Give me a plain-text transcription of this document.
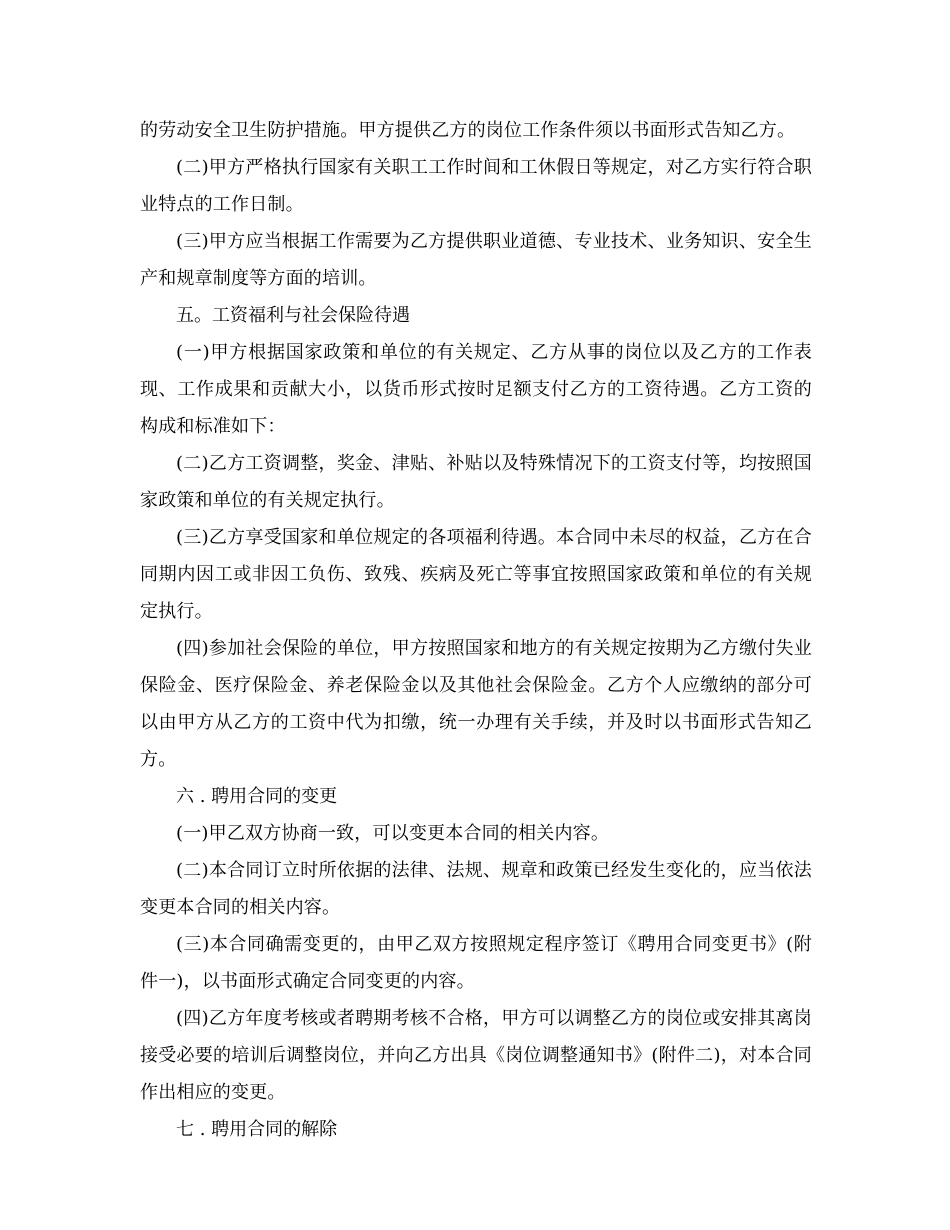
的劳动安全卫生防护措施。甲方提供乙方的岗位工作条件须以书面形式告知乙方。

(二)甲方严格执行国家有关职工工作时间和工休假日等规定，对乙方实行符合职业特点的工作日制。

(三)甲方应当根据工作需要为乙方提供职业道德、专业技术、业务知识、安全生产和规章制度等方面的培训。

五。工资福利与社会保险待遇

(一)甲方根据国家政策和单位的有关规定、乙方从事的岗位以及乙方的工作表现、工作成果和贡献大小，以货币形式按时足额支付乙方的工资待遇。乙方工资的构成和标准如下：

(二)乙方工资调整，奖金、津贴、补贴以及特殊情况下的工资支付等，均按照国家政策和单位的有关规定执行。

(三)乙方享受国家和单位规定的各项福利待遇。本合同中未尽的权益，乙方在合同期内因工或非因工负伤、致残、疾病及死亡等事宜按照国家政策和单位的有关规定执行。

(四)参加社会保险的单位，甲方按照国家和地方的有关规定按期为乙方缴付失业保险金、医疗保险金、养老保险金以及其他社会保险金。乙方个人应缴纳的部分可以由甲方从乙方的工资中代为扣缴，统一办理有关手续，并及时以书面形式告知乙方。

六 . 聘用合同的变更

(一)甲乙双方协商一致，可以变更本合同的相关内容。

(二)本合同订立时所依据的法律、法规、规章和政策已经发生变化的，应当依法变更本合同的相关内容。

(三)本合同确需变更的，由甲乙双方按照规定程序签订《聘用合同变更书》(附件一)，以书面形式确定合同变更的内容。

(四)乙方年度考核或者聘期考核不合格，甲方可以调整乙方的岗位或安排其离岗接受必要的培训后调整岗位，并向乙方出具《岗位调整通知书》(附件二)，对本合同作出相应的变更。

七 . 聘用合同的解除
